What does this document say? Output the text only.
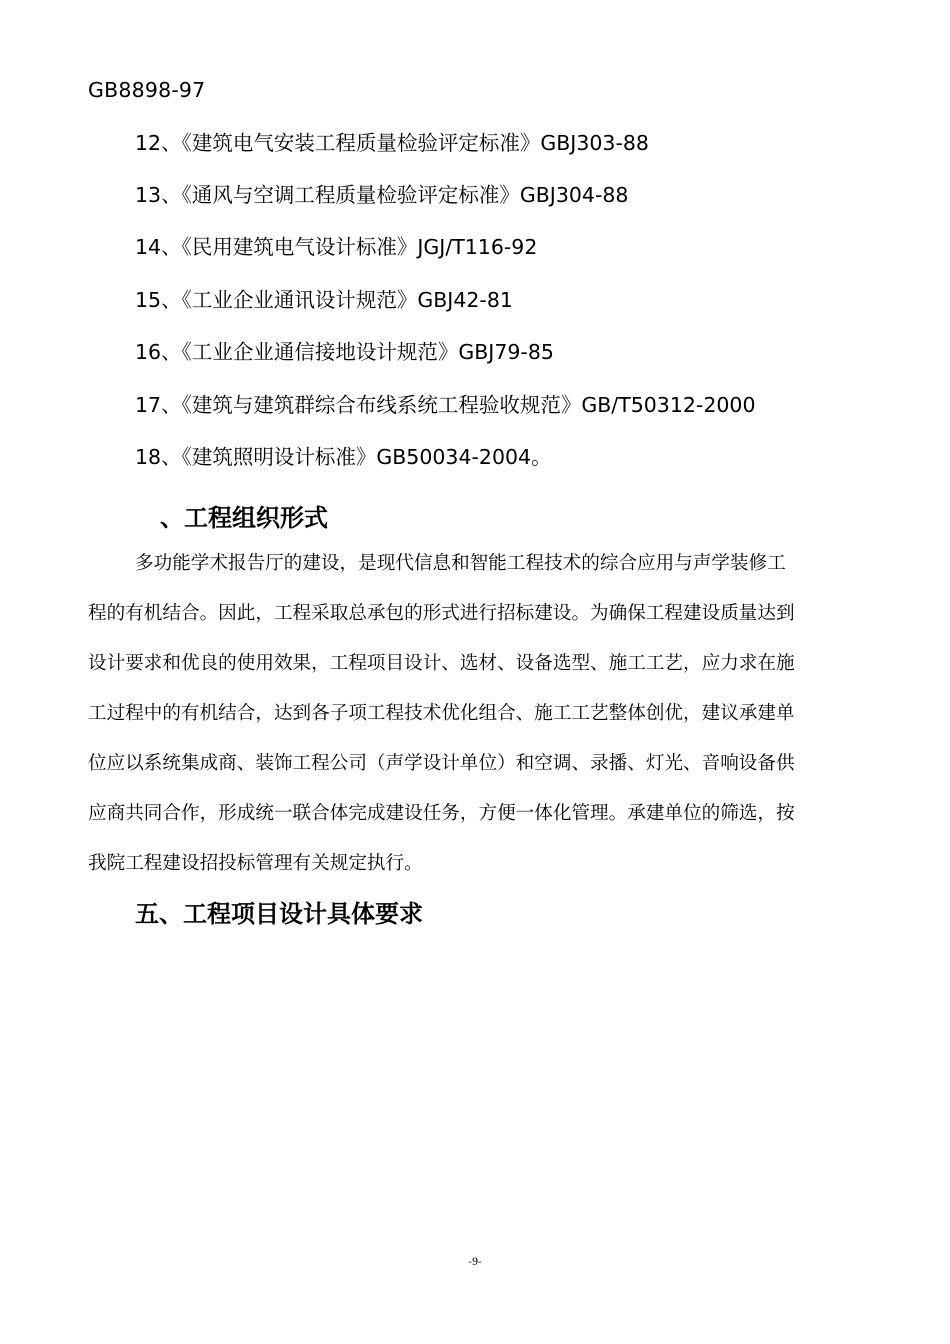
GB8898-97
12、《建筑电气安装工程质量检验评定标准》GBJ303-88
13、《通风与空调工程质量检验评定标准》GBJ304-88
14、《民用建筑电气设计标准》JGJ/T116-92
15、《工业企业通讯设计规范》GBJ42-81
16、《工业企业通信接地设计规范》GBJ79-85
17、《建筑与建筑群综合布线系统工程验收规范》GB/T50312-2000
18、《建筑照明设计标准》GB50034-2004。
、工程组织形式
多功能学术报告厅的建设，是现代信息和智能工程技术的综合应用与声学装修工
程的有机结合。因此，工程采取总承包的形式进行招标建设。为确保工程建设质量达到
设计要求和优良的使用效果，工程项目设计、选材、设备选型、施工工艺，应力求在施
工过程中的有机结合，达到各子项工程技术优化组合、施工工艺整体创优，建议承建单
位应以系统集成商、装饰工程公司（声学设计单位）和空调、录播、灯光、音响设备供
应商共同合作，形成统一联合体完成建设任务，方便一体化管理。承建单位的筛选，按
我院工程建设招投标管理有关规定执行。
五、工程项目设计具体要求
-9-
